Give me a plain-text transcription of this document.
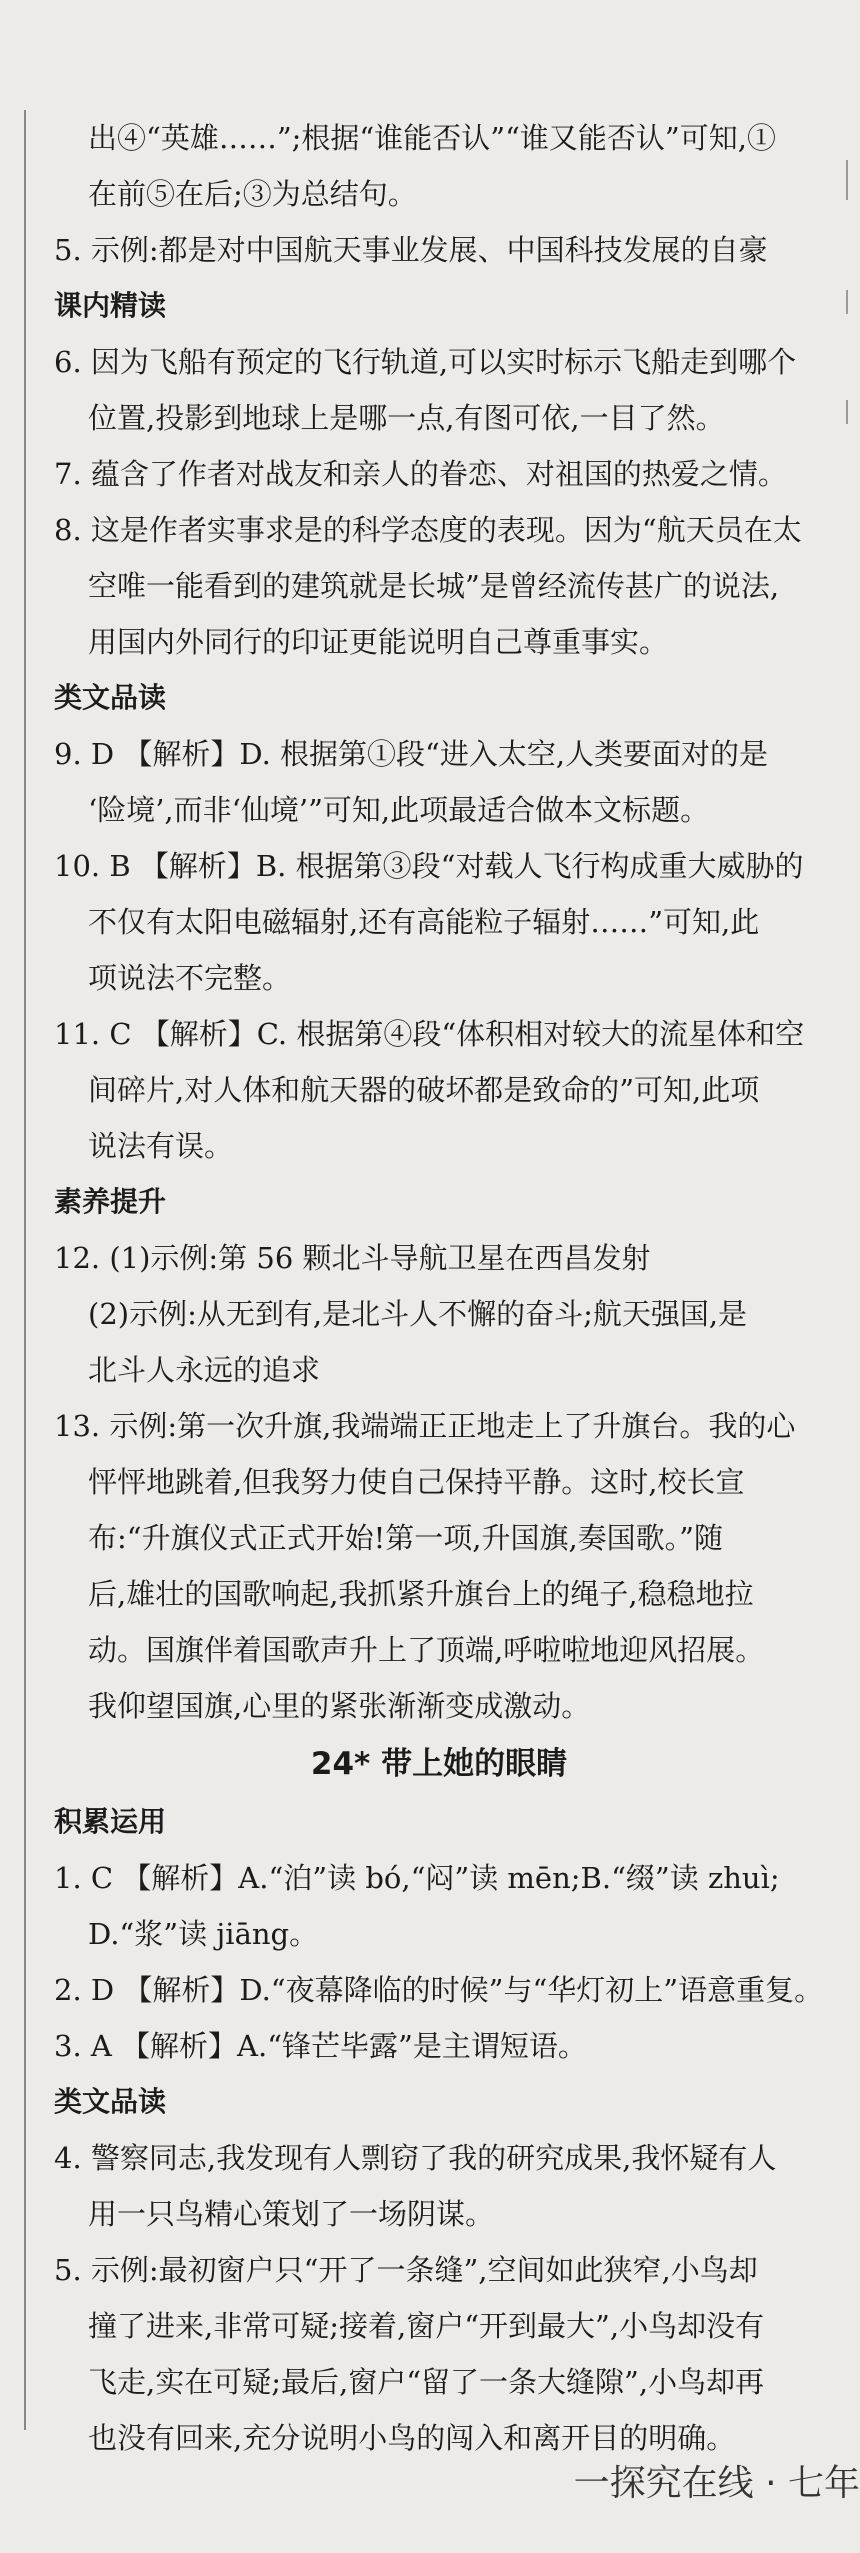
出④“英雄……”;根据“谁能否认”“谁又能否认”可知,①
在前⑤在后;③为总结句。
5. 示例:都是对中国航天事业发展、中国科技发展的自豪
课内精读
6. 因为飞船有预定的飞行轨道,可以实时标示飞船走到哪个
位置,投影到地球上是哪一点,有图可依,一目了然。
7. 蕴含了作者对战友和亲人的眷恋、对祖国的热爱之情。
8. 这是作者实事求是的科学态度的表现。因为“航天员在太
空唯一能看到的建筑就是长城”是曾经流传甚广的说法,
用国内外同行的印证更能说明自己尊重事实。
类文品读
9. D 【解析】D. 根据第①段“进入太空,人类要面对的是
‘险境’,而非‘仙境’”可知,此项最适合做本文标题。
10. B 【解析】B. 根据第③段“对载人飞行构成重大威胁的
不仅有太阳电磁辐射,还有高能粒子辐射……”可知,此
项说法不完整。
11. C 【解析】C. 根据第④段“体积相对较大的流星体和空
间碎片,对人体和航天器的破坏都是致命的”可知,此项
说法有误。
素养提升
12. (1)示例:第 56 颗北斗导航卫星在西昌发射
(2)示例:从无到有,是北斗人不懈的奋斗;航天强国,是
北斗人永远的追求
13. 示例:第一次升旗,我端端正正地走上了升旗台。我的心
怦怦地跳着,但我努力使自己保持平静。这时,校长宣
布:“升旗仪式正式开始!第一项,升国旗,奏国歌。”随
后,雄壮的国歌响起,我抓紧升旗台上的绳子,稳稳地拉
动。国旗伴着国歌声升上了顶端,呼啦啦地迎风招展。
我仰望国旗,心里的紧张渐渐变成激动。
24* 带上她的眼睛
积累运用
1. C 【解析】A.“泊”读 bó,“闷”读 mēn;B.“缀”读 zhuì;
D.“浆”读 jiāng。
2. D 【解析】D.“夜幕降临的时候”与“华灯初上”语意重复。
3. A 【解析】A.“锋芒毕露”是主谓短语。
类文品读
4. 警察同志,我发现有人剽窃了我的研究成果,我怀疑有人
用一只鸟精心策划了一场阴谋。
5. 示例:最初窗户只“开了一条缝”,空间如此狭窄,小鸟却
撞了进来,非常可疑;接着,窗户“开到最大”,小鸟却没有
飞走,实在可疑;最后,窗户“留了一条大缝隙”,小鸟却再
也没有回来,充分说明小鸟的闯入和离开目的明确。
一探究在线 · 七年
